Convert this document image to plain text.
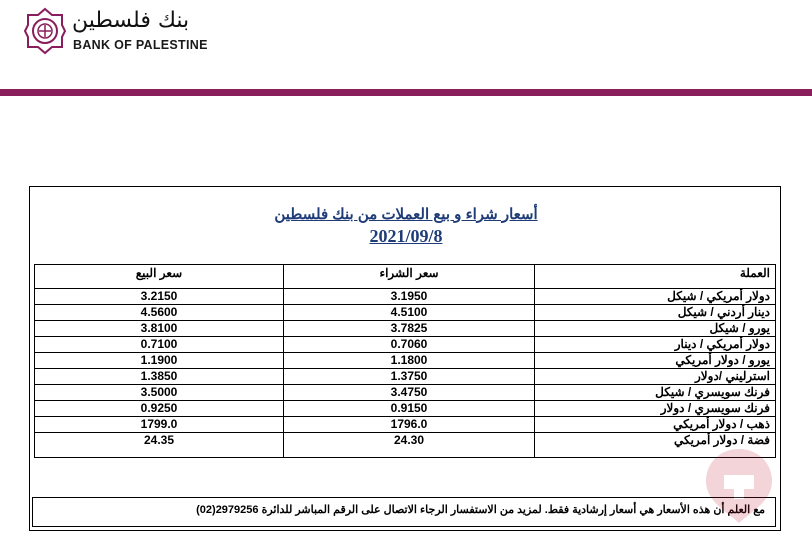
بنك فلسطين
BANK OF PALESTINE
أسعار شراء و بيع العملات من بنك فلسطين
2021/09/8
سعر البيع	سعر الشراء	العملة
3.2150	3.1950	دولار أمريكي / شيكل
4.5600	4.5100	دينار أردني / شيكل
3.8100	3.7825	يورو / شيكل
0.7100	0.7060	دولار أمريكي / دينار
1.1900	1.1800	يورو / دولار أمريكي
1.3850	1.3750	استرليني /دولار
3.5000	3.4750	فرنك سويسري / شيكل
0.9250	0.9150	فرنك سويسري / دولار
1799.0	1796.0	ذهب / دولار أمريكي
24.35	24.30	فضة / دولار أمريكي
مع العلم أن هذه الأسعار هي أسعار إرشادية فقط. لمزيد من الاستفسار الرجاء الاتصال على الرقم المباشر للدائرة 2979256(02)
